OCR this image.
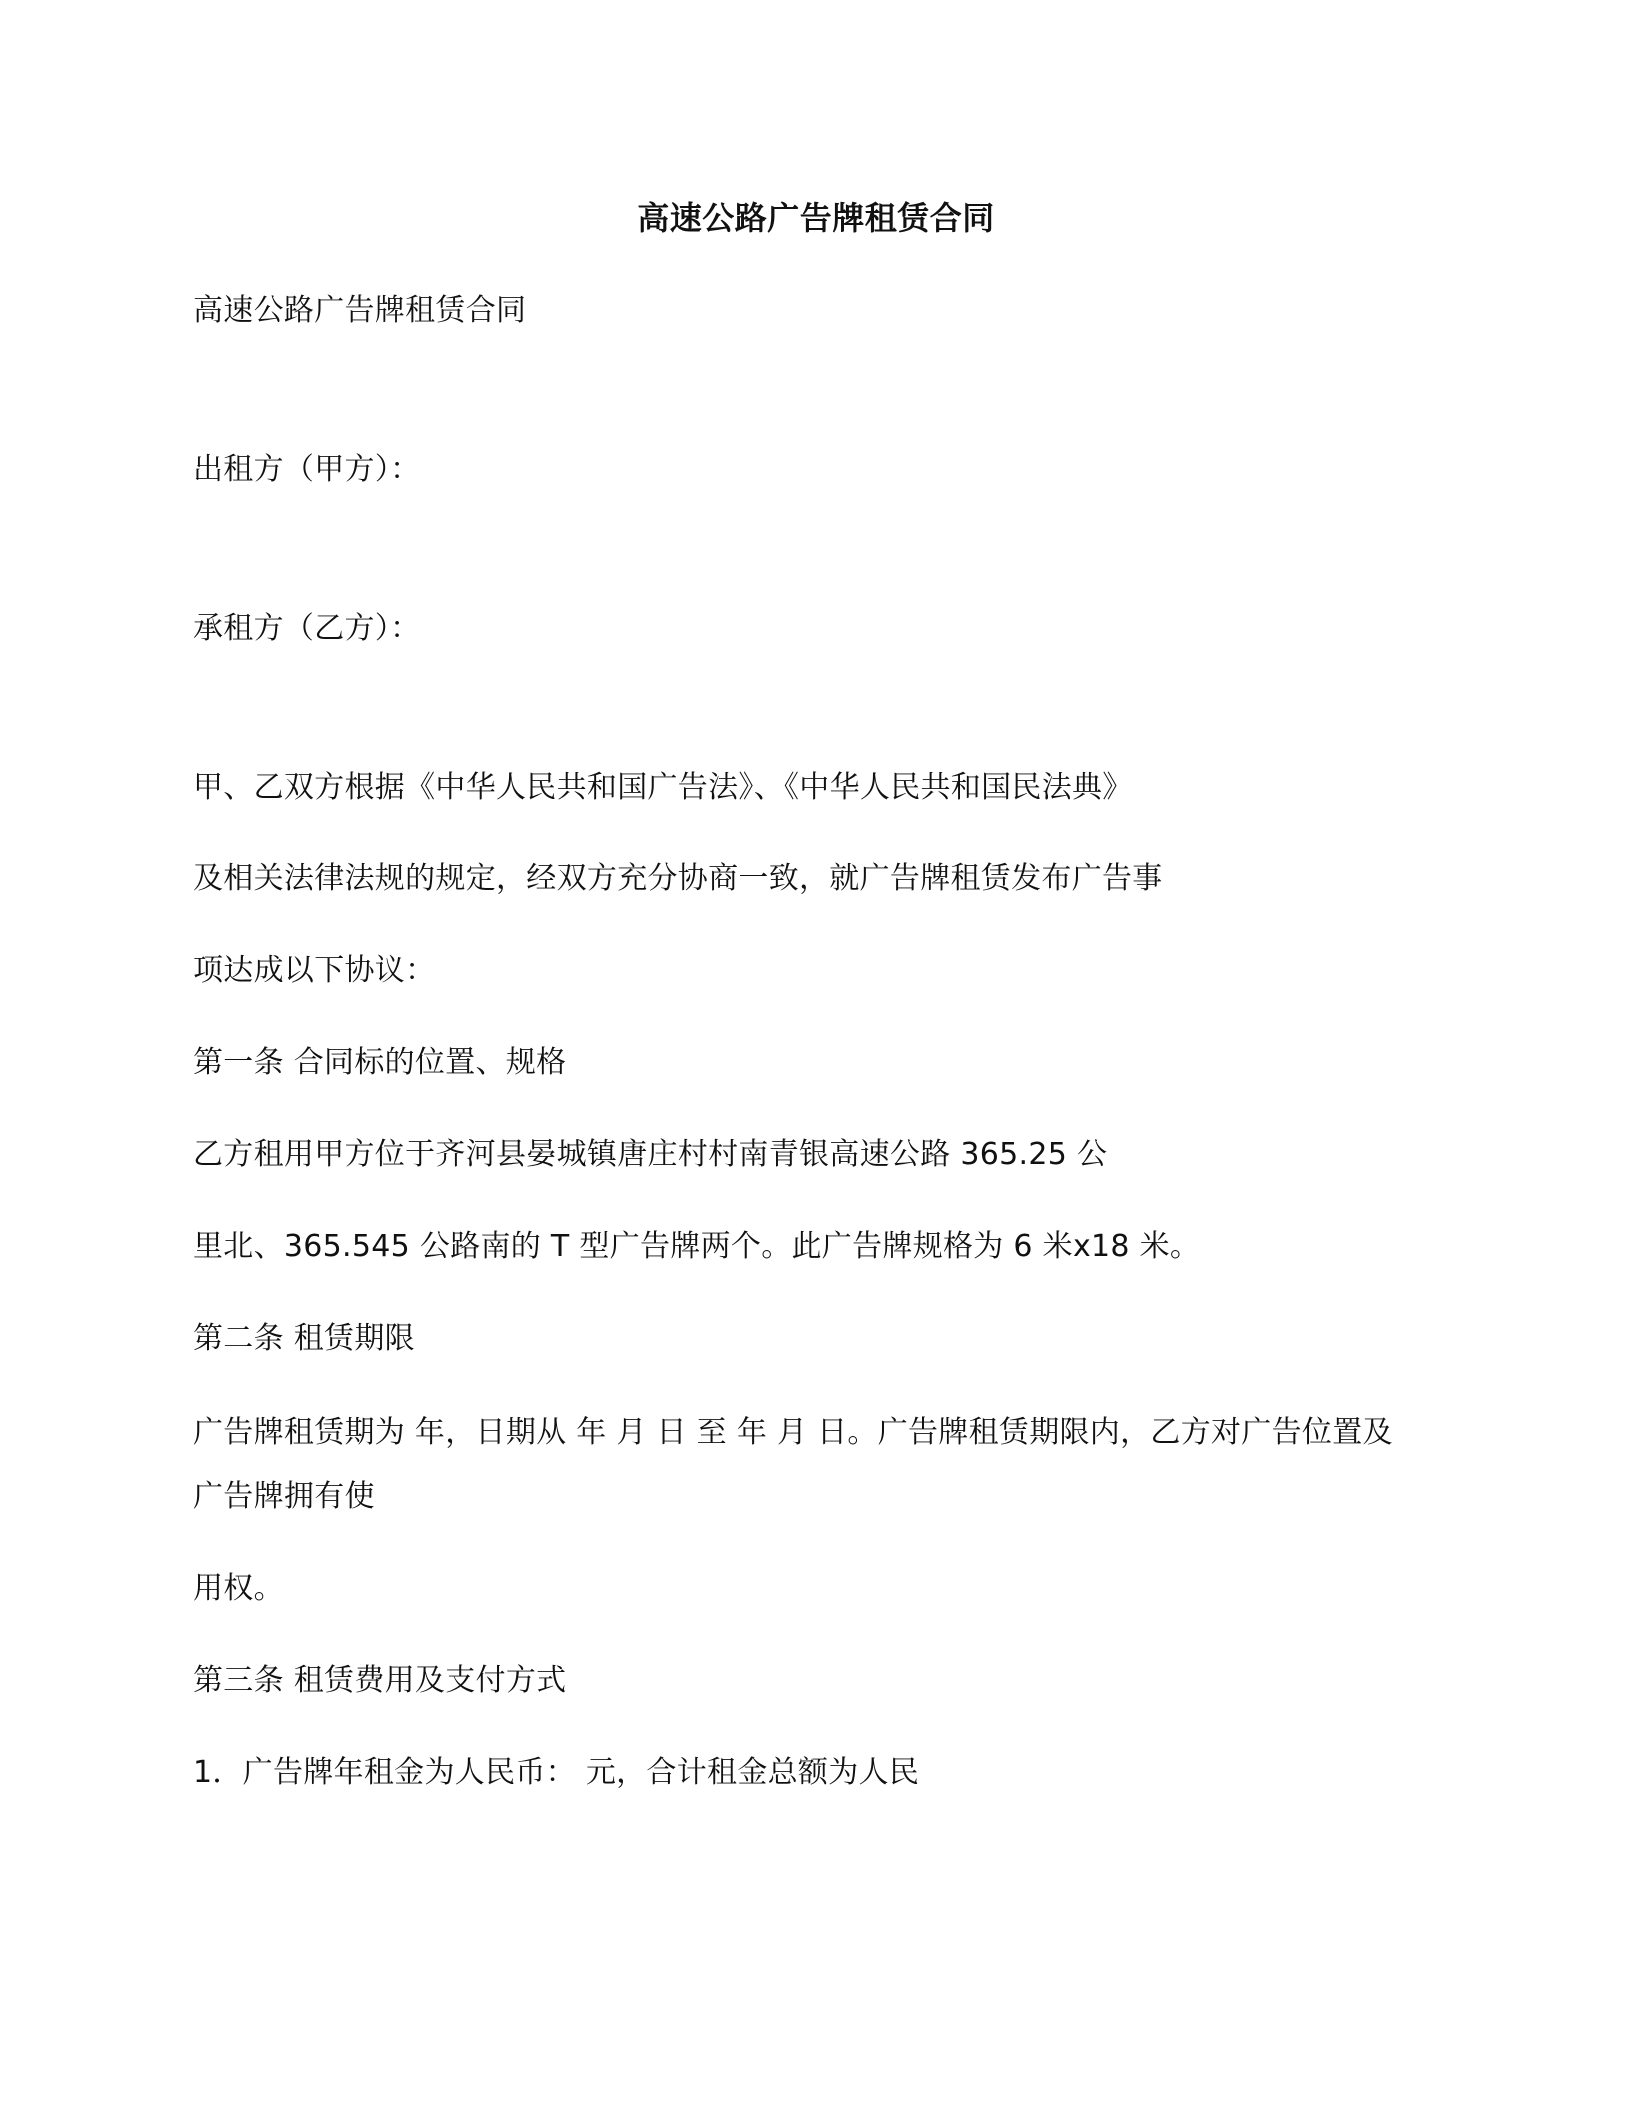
高速公路广告牌租赁合同
高速公路广告牌租赁合同
出租方（甲方）：
承租方（乙方）：
甲、乙双方根据《中华人民共和国广告法》、《中华人民共和国民法典》
及相关法律法规的规定，经双方充分协商一致，就广告牌租赁发布广告事
项达成以下协议：
第一条 合同标的位置、规格
乙方租用甲方位于齐河县晏城镇唐庄村村南青银高速公路 365.25 公
里北、365.545 公路南的 T 型广告牌两个。此广告牌规格为 6 米x18 米。
第二条 租赁期限
广告牌租赁期为 年，日期从 年 月 日 至 年 月 日。广告牌租赁期限内，乙方对广告位置及
广告牌拥有使
用权。
第三条 租赁费用及支付方式
1．广告牌年租金为人民币： 元，合计租金总额为人民
